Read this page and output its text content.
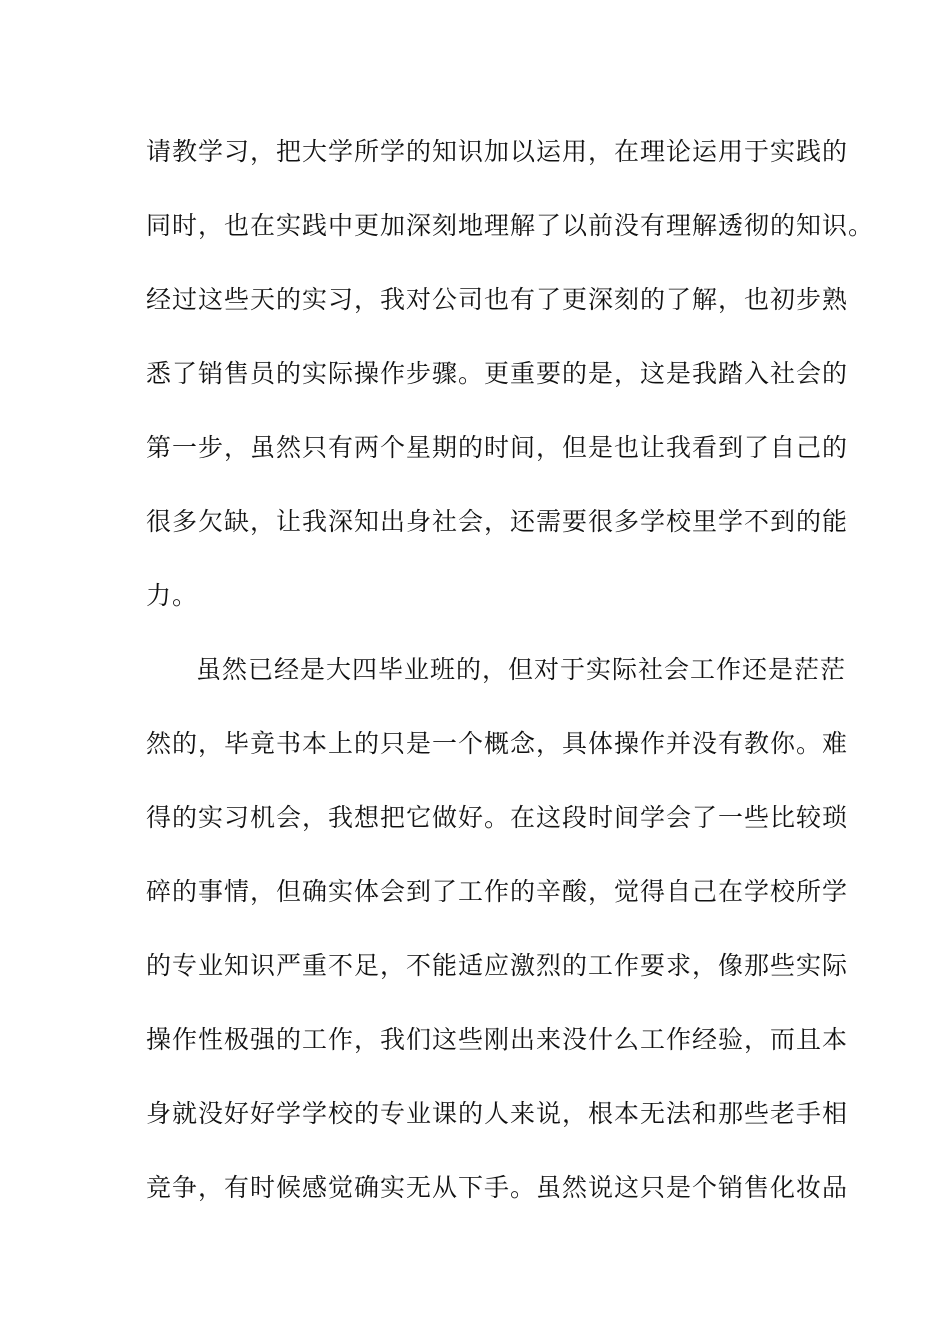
请教学习，把大学所学的知识加以运用，在理论运用于实践的
同时，也在实践中更加深刻地理解了以前没有理解透彻的知识。
经过这些天的实习，我对公司也有了更深刻的了解，也初步熟
悉了销售员的实际操作步骤。更重要的是，这是我踏入社会的
第一步，虽然只有两个星期的时间，但是也让我看到了自己的
很多欠缺，让我深知出身社会，还需要很多学校里学不到的能
力。
虽然已经是大四毕业班的，但对于实际社会工作还是茫茫
然的，毕竟书本上的只是一个概念，具体操作并没有教你。难
得的实习机会，我想把它做好。在这段时间学会了一些比较琐
碎的事情，但确实体会到了工作的辛酸，觉得自己在学校所学
的专业知识严重不足，不能适应激烈的工作要求，像那些实际
操作性极强的工作，我们这些刚出来没什么工作经验，而且本
身就没好好学学校的专业课的人来说，根本无法和那些老手相
竞争，有时候感觉确实无从下手。虽然说这只是个销售化妆品
